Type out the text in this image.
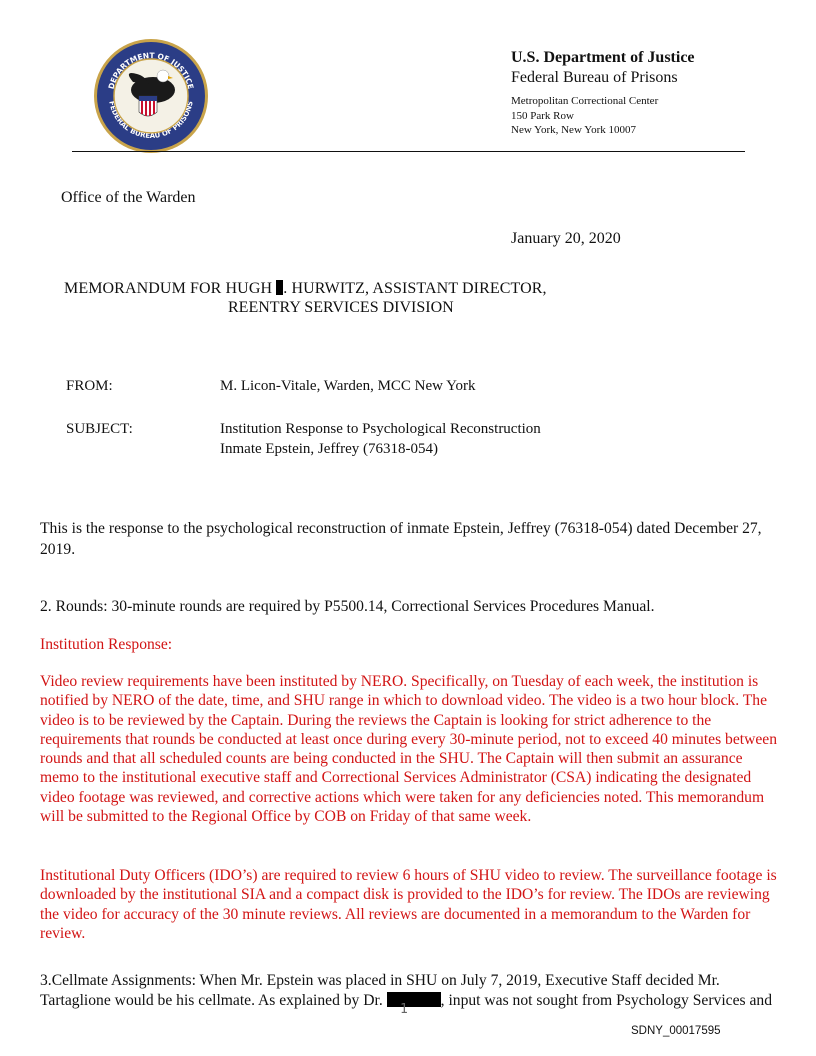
DEPARTMENT OF JUSTICE
FEDERAL BUREAU OF PRISONS
U.S. Department of Justice
Federal Bureau of Prisons
Metropolitan Correctional Center
150 Park Row
New York, New York 10007
Office of the Warden
January 20, 2020
MEMORANDUM FOR HUGH . HURWITZ, ASSISTANT DIRECTOR,
REENTRY SERVICES DIVISION
FROM:	M. Licon-Vitale, Warden, MCC New York
SUBJECT:	Institution Response to Psychological Reconstruction
Inmate Epstein, Jeffrey (76318-054)
This is the response to the psychological reconstruction of inmate Epstein, Jeffrey (76318-054) dated December 27, 2019.
2. Rounds: 30-minute rounds are required by P5500.14, Correctional Services Procedures Manual.
Institution Response:
Video review requirements have been instituted by NERO. Specifically, on Tuesday of each week, the institution is notified by NERO of the date, time, and SHU range in which to download video. The video is a two hour block. The video is to be reviewed by the Captain. During the reviews the Captain is looking for strict adherence to the requirements that rounds be conducted at least once during every 30-minute period, not to exceed 40 minutes between rounds and that all scheduled counts are being conducted in the SHU. The Captain will then submit an assurance memo to the institutional executive staff and Correctional Services Administrator (CSA) indicating the designated video footage was reviewed, and corrective actions which were taken for any deficiencies noted. This memorandum will be submitted to the Regional Office by COB on Friday of that same week.
Institutional Duty Officers (IDO’s) are required to review 6 hours of SHU video to review. The surveillance footage is downloaded by the institutional SIA and a compact disk is provided to the IDO’s for review. The IDOs are reviewing the video for accuracy of the 30 minute reviews. All reviews are documented in a memorandum to the Warden for review.
3.Cellmate Assignments: When Mr. Epstein was placed in SHU on July 7, 2019, Executive Staff decided Mr. Tartaglione would be his cellmate. As explained by Dr.	, input was not sought from Psychology Services and
1
SDNY_00017595
